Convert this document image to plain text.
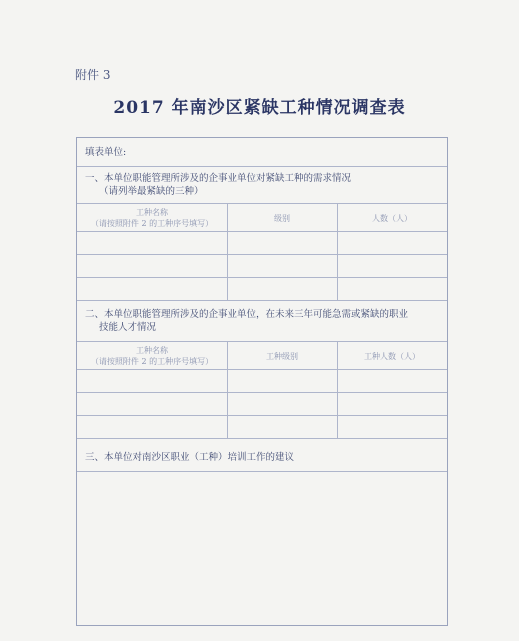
附件 3
2017 年南沙区紧缺工种情况调查表
填表单位:
一、本单位职能管理所涉及的企事业单位对紧缺工种的需求情况
（请列举最紧缺的三种）
工种名称
（请按照附件 2 的工种序号填写）
级别	人数（人）
二、本单位职能管理所涉及的企事业单位，在未来三年可能急需或紧缺的职业
技能人才情况
工种名称
（请按照附件 2 的工种序号填写）
工种级别	工种人数（人）
三、本单位对南沙区职业（工种）培训工作的建议
